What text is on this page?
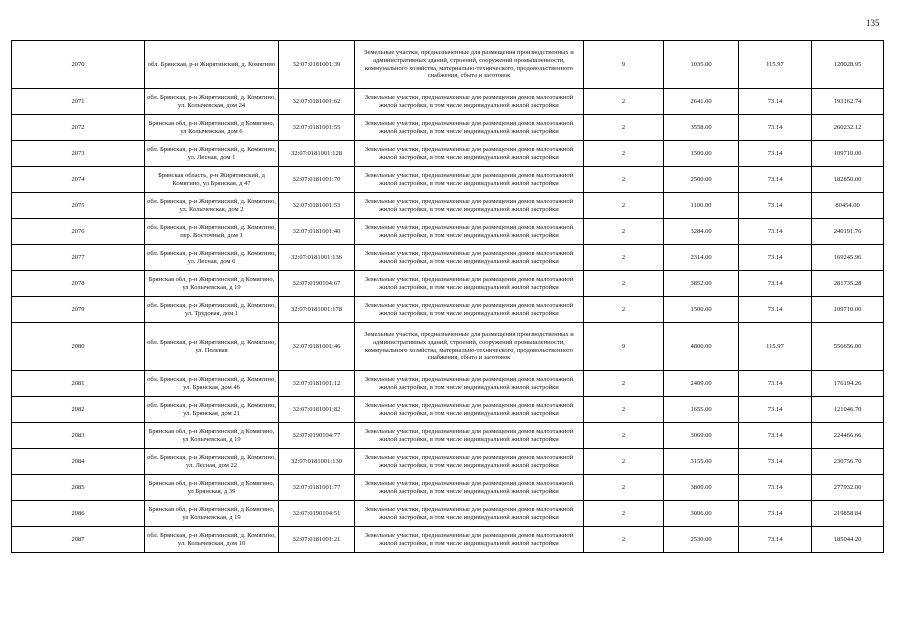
135
2070	обл. Брянская, р-н Жирятинский, д. Комягино	32:07:0181001:39	Земельные участки, предназначенные для размещения производственных и административных зданий, строений, сооружений промышленности, коммунального хозяйства, материально-технического, продовольственного снабжения, сбыта и заготовок	9	1035.00	115.97	120028.95
2071	обл. Брянская, р-н Жирятинский, д. Комягино, ул. Колычевская, дом 24	32:07:0181001:62	Земельные участки, предназначенные для размещения домов малоэтажной жилой застройки, в том числе индивидуальной жилой застройки	2	2641.00	73.14	193162.74
2072	Брянская обл, р-н Жирятинский, д Комягино, ул Колычевская, дом 6	32:07:0181001:55	Земельные участки, предназначенные для размещения домов малоэтажной жилой застройки, в том числе индивидуальной жилой застройки	2	3558.00	73.14	260232.12
2073	обл. Брянская, р-н Жирятинский, д. Комягино, ул. Лесная, дом 1	32:07:0181001:128	Земельные участки, предназначенные для размещения домов малоэтажной жилой застройки, в том числе индивидуальной жилой застройки	2	1500.00	73.14	109710.00
2074	Брянская область, р-н Жирятинский, д Комягино, ул Брянская, д 47	32:07:0181001:70	Земельные участки, предназначенные для размещения домов малоэтажной жилой застройки, в том числе индивидуальной жилой застройки	2	2500.00	73.14	182850.00
2075	обл. Брянская, р-н Жирятинский, д. Комягино, ул. Колычевская, дом 2	32:07:0181001:53	Земельные участки, предназначенные для размещения домов малоэтажной жилой застройки, в том числе индивидуальной жилой застройки	2	1100.00	73.14	80454.00
2076	обл. Брянская, р-н Жирятинский, д. Комягино, пер. Восточный, дом 1	32:07:0181001:40	Земельные участки, предназначенные для размещения домов малоэтажной жилой застройки, в том числе индивидуальной жилой застройки	2	3284.00	73.14	240191.76
2077	обл. Брянская, р-н Жирятинский, д. Комягино, ул. Лесная, дом 6	32:07:0181001:136	Земельные участки, предназначенные для размещения домов малоэтажной жилой застройки, в том числе индивидуальной жилой застройки	2	2314.00	73.14	169245.96
2078	Брянская обл, р-н Жирятинский, д Комягино, ул Колычевская, д 19	32:07:0190104:67	Земельные участки, предназначенные для размещения домов малоэтажной жилой застройки, в том числе индивидуальной жилой застройки	2	3852.00	73.14	281735.28
2079	обл. Брянская, р-н Жирятинский, д. Комягино, ул. Трудовая, дом 1	32:07:0181001:178	Земельные участки, предназначенные для размещения домов малоэтажной жилой застройки, в том числе индивидуальной жилой застройки	2	1500.00	73.14	109710.00
2080	обл. Брянская, р-н Жирятинский, д. Комягино, ул. Полевая	32:07:0181001:46	Земельные участки, предназначенные для размещения производственных и административных зданий, строений, сооружений промышленности, коммунального хозяйства, материально-технического, продовольственного снабжения, сбыта и заготовок	9	4800.00	115.97	556656.00
2081	обл. Брянская, р-н Жирятинский, д. Комягино, ул. Брянская, дом 46	32:07:0181001:12	Земельные участки, предназначенные для размещения домов малоэтажной жилой застройки, в том числе индивидуальной жилой застройки	2	2409.00	73.14	176194.26
2082	обл. Брянская, р-н Жирятинский, д. Комягино, ул. Брянская, дом 21	32:07:0181001:82	Земельные участки, предназначенные для размещения домов малоэтажной жилой застройки, в том числе индивидуальной жилой застройки	2	1655.00	73.14	121046.70
2083	Брянская обл, р-н Жирятинский, д Комягино, ул Колычевская, д 19	32:07:0190104:77	Земельные участки, предназначенные для размещения домов малоэтажной жилой застройки, в том числе индивидуальной жилой застройки	2	3069.00	73.14	224466.66
2084	обл. Брянская, р-н Жирятинский, д. Комягино, ул. Лесная, дом 22	32:07:0181001:130	Земельные участки, предназначенные для размещения домов малоэтажной жилой застройки, в том числе индивидуальной жилой застройки	2	3155.00	73.14	230756.70
2085	Брянская обл, р-н Жирятинский, д Комягино, ул Брянская, д 39	32:07:0181001:77	Земельные участки, предназначенные для размещения домов малоэтажной жилой застройки, в том числе индивидуальной жилой застройки	2	3800.00	73.14	277932.00
2086	Брянская обл, р-н Жирятинский, д Комягино, ул Колычевская, д 19	32:07:0190104:51	Земельные участки, предназначенные для размещения домов малоэтажной жилой застройки, в том числе индивидуальной жилой застройки	2	3006.00	73.14	219858.84
2087	обл. Брянская, р-н Жирятинский, д. Комягино, ул. Колычевская, дом 10	32:07:0181001:21	Земельные участки, предназначенные для размещения домов малоэтажной жилой застройки, в том числе индивидуальной жилой застройки	2	2530.00	73.14	185044.20
